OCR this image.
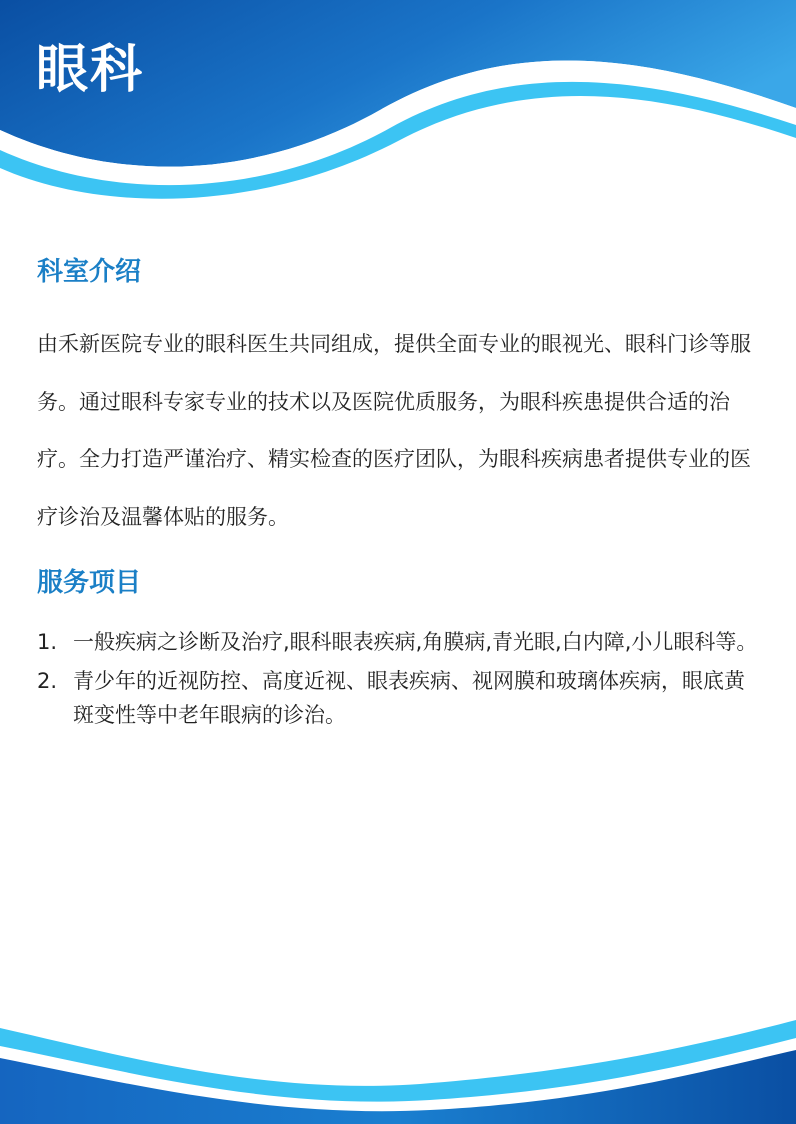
眼科
科室介绍

由禾新医院专业的眼科医生共同组成，提供全面专业的眼视光、眼科门诊等服务。通过眼科专家专业的技术以及医院优质服务，为眼科疾患提供合适的治疗。全力打造严谨治疗、精实检查的医疗团队，为眼科疾病患者提供专业的医疗诊治及温馨体贴的服务。

服务项目
1. 一般疾病之诊断及治疗,眼科眼表疾病,角膜病,青光眼,白内障,小儿眼科等。
2. 青少年的近视防控、高度近视、眼表疾病、视网膜和玻璃体疾病，眼底黄斑变性等中老年眼病的诊治。
